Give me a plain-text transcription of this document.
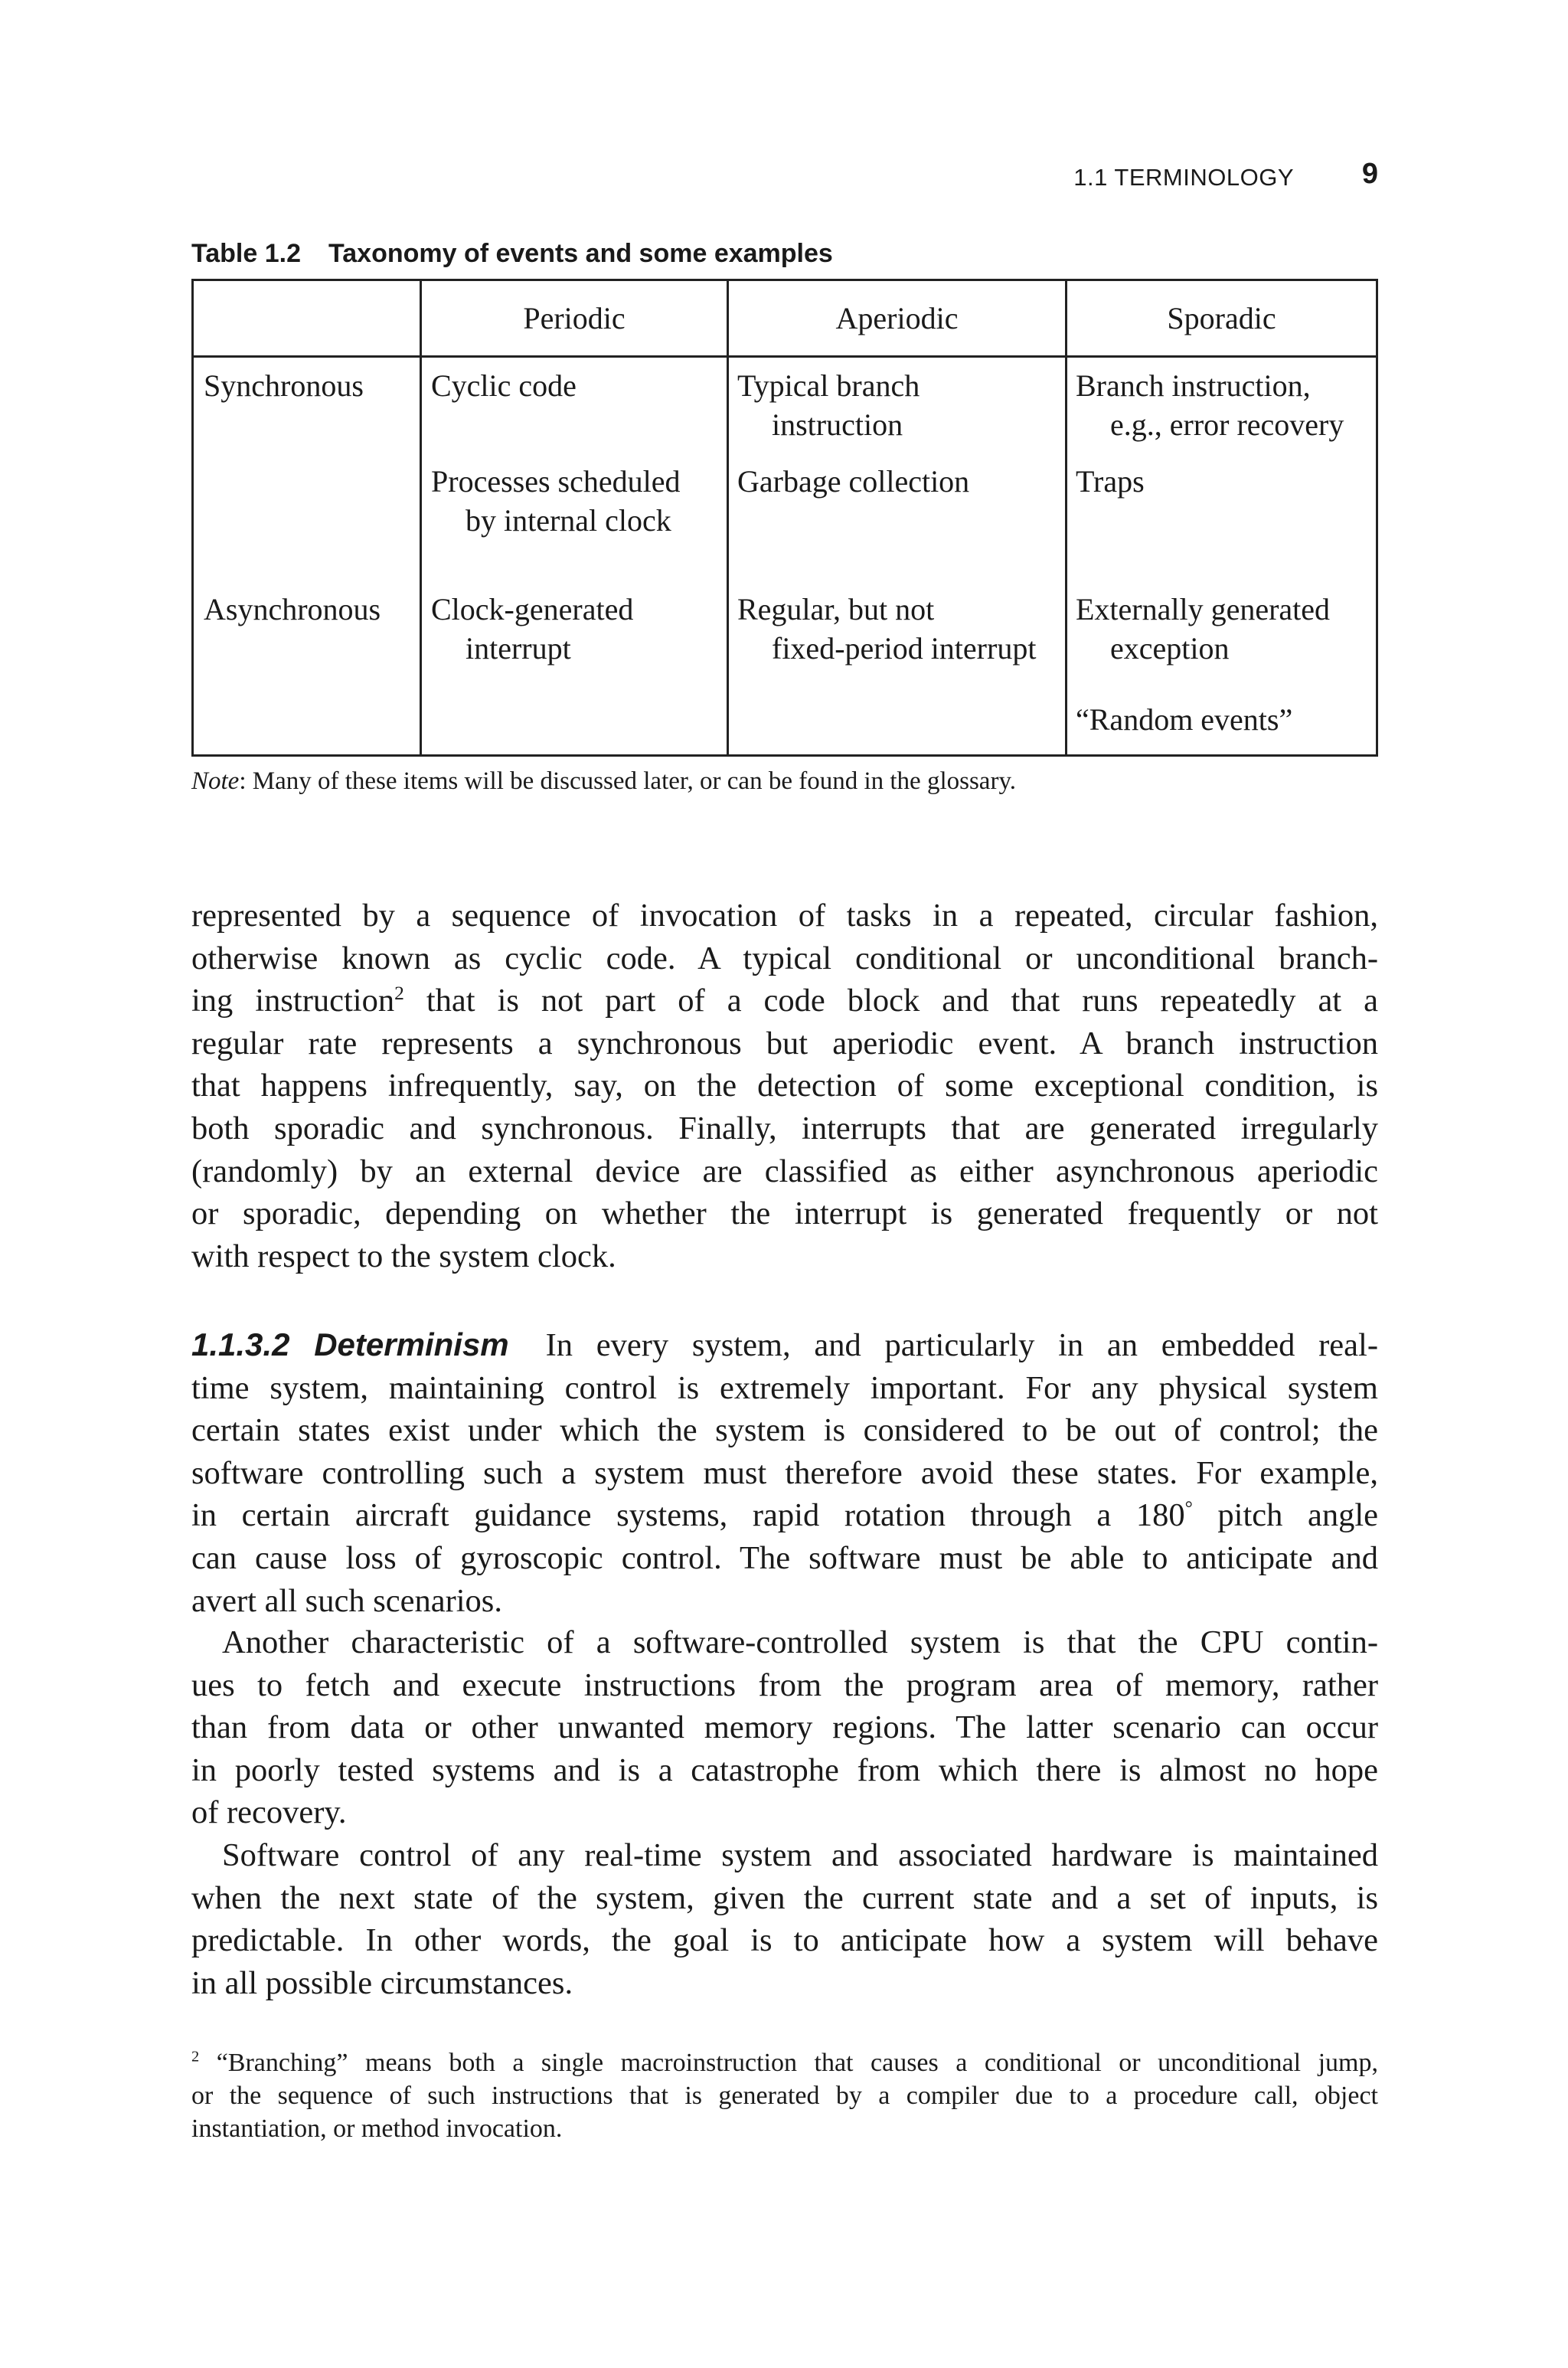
1.1 TERMINOLOGY 9
Table 1.2 Taxonomy of events and some examples
Periodic	Aperiodic	Sporadic
Synchronous Cyclic code
Processes scheduled
by internal clock
Typical branch
instruction
Garbage collection
Branch instruction,
e.g., error recovery
Traps
Asynchronous Clock-generated
interrupt
Regular, but not
fixed-period interrupt
Externally generated
exception
“Random events”
Note: Many of these items will be discussed later, or can be found in the glossary.
represented by a sequence of invocation of tasks in a repeated, circular fashion,
otherwise known as cyclic code. A typical conditional or unconditional branch-
ing instruction$^2$ that is not part of a code block and that runs repeatedly at a
regular rate represents a synchronous but aperiodic event. A branch instruction
that happens infrequently, say, on the detection of some exceptional condition, is
both sporadic and synchronous. Finally, interrupts that are generated irregularly
(randomly) by an external device are classified as either asynchronous aperiodic
or sporadic, depending on whether the interrupt is generated frequently or not
with respect to the system clock.
1.1.3.2 Determinism In every system, and particularly in an embedded real-
time system, maintaining control is extremely important. For any physical system
certain states exist under which the system is considered to be out of control; the
software controlling such a system must therefore avoid these states. For example,
in certain aircraft guidance systems, rapid rotation through a 180° pitch angle
can cause loss of gyroscopic control. The software must be able to anticipate and
avert all such scenarios.
Another characteristic of a software-controlled system is that the CPU contin-
ues to fetch and execute instructions from the program area of memory, rather
than from data or other unwanted memory regions. The latter scenario can occur
in poorly tested systems and is a catastrophe from which there is almost no hope
of recovery.
Software control of any real-time system and associated hardware is maintained
when the next state of the system, given the current state and a set of inputs, is
predictable. In other words, the goal is to anticipate how a system will behave
in all possible circumstances.
$^2$ “Branching” means both a single macroinstruction that causes a conditional or unconditional jump,
or the sequence of such instructions that is generated by a compiler due to a procedure call, object
instantiation, or method invocation.
